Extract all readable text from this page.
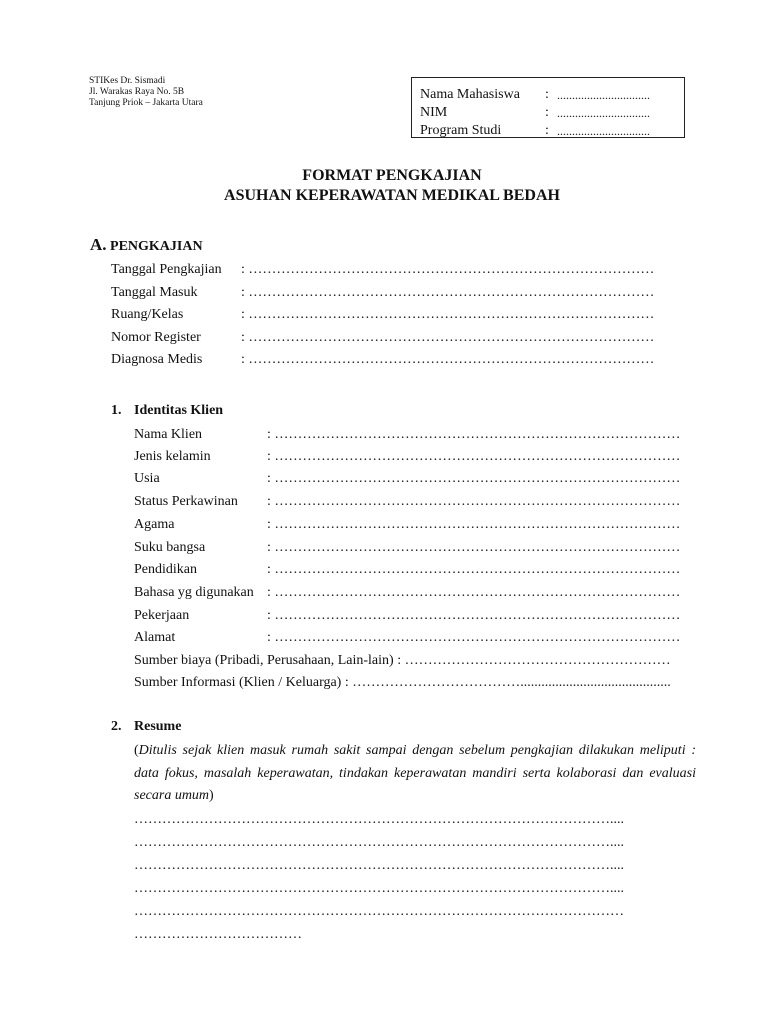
STIKes Dr. Sismadi
Jl. Warakas Raya No. 5B
Tanjung Priok – Jakarta Utara
Nama Mahasiswa : ...............................
NIM	: ...............................
Program Studi	: ...............................
FORMAT PENGKAJIAN
ASUHAN KEPERAWATAN MEDIKAL BEDAH
A. PENGKAJIAN
Tanggal Pengkajian : ……………………………………………………………………………
Tanggal Masuk	: ……………………………………………………………………………
Ruang/Kelas	: ……………………………………………………………………………
Nomor Register	: ……………………………………………………………………………
Diagnosa Medis	: ……………………………………………………………………………
1. Identitas Klien
Nama Klien	: ……………………………………………………………………………
Jenis kelamin	: ……………………………………………………………………………
Usia	: ……………………………………………………………………………
Status Perkawinan : ……………………………………………………………………………
Agama	: ……………………………………………………………………………
Suku bangsa	: ……………………………………………………………………………
Pendidikan	: ……………………………………………………………………………
Bahasa yg digunakan : ……………………………………………………………………………
Pekerjaan	: ……………………………………………………………………………
Alamat	: ……………………………………………………………………………
Sumber biaya (Pribadi, Perusahaan, Lain-lain) : …………………………………………………
Sumber Informasi (Klien / Keluarga) : ………………………………...........................................
2. Resume
(Ditulis sejak klien masuk rumah sakit sampai dengan sebelum pengkajian dilakukan meliputi : data fokus, masalah keperawatan, tindakan keperawatan mandiri serta kolaborasi dan evaluasi secara umum)
…………………………………………………………………………………………....
…………………………………………………………………………………………....
…………………………………………………………………………………………....
…………………………………………………………………………………………....
……………………………………………………………………………………………
………………………………
